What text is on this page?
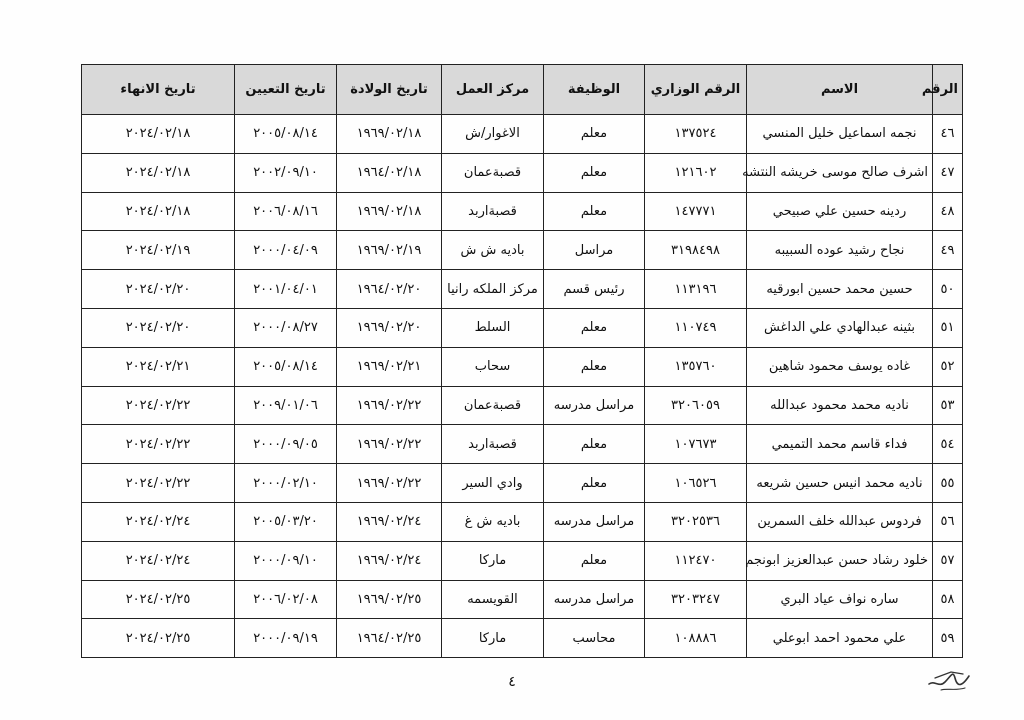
الرقم	الاسم	الرقم الوزاري	الوظيفة	مركز العمل	تاريخ الولادة	تاريخ التعيين	تاريخ الانهاء
٤٦	نجمه اسماعيل خليل المنسي	١٣٧٥٢٤	معلم	الاغوار/ش	١٩٦٩/٠٢/١٨	٢٠٠٥/٠٨/١٤	٢٠٢٤/٠٢/١٨
٤٧	اشرف صالح موسى خريشه النتشه	١٢١٦٠٢	معلم	قصبةعمان	١٩٦٤/٠٢/١٨	٢٠٠٢/٠٩/١٠	٢٠٢٤/٠٢/١٨
٤٨	ردينه حسين علي صبيحي	١٤٧٧٧١	معلم	قصبةاربد	١٩٦٩/٠٢/١٨	٢٠٠٦/٠٨/١٦	٢٠٢٤/٠٢/١٨
٤٩	نجاح رشيد عوده السبيبه	٣١٩٨٤٩٨	مراسل	باديه ش ش	١٩٦٩/٠٢/١٩	٢٠٠٠/٠٤/٠٩	٢٠٢٤/٠٢/١٩
٥٠	حسين محمد حسين ابورقيه	١١٣١٩٦	رئيس قسم	مركز الملكه رانيا	١٩٦٤/٠٢/٢٠	٢٠٠١/٠٤/٠١	٢٠٢٤/٠٢/٢٠
٥١	بثينه عبدالهادي علي الداغش	١١٠٧٤٩	معلم	السلط	١٩٦٩/٠٢/٢٠	٢٠٠٠/٠٨/٢٧	٢٠٢٤/٠٢/٢٠
٥٢	غاده يوسف محمود شاهين	١٣٥٧٦٠	معلم	سحاب	١٩٦٩/٠٢/٢١	٢٠٠٥/٠٨/١٤	٢٠٢٤/٠٢/٢١
٥٣	ناديه محمد محمود عبدالله	٣٢٠٦٠٥٩	مراسل مدرسه	قصبةعمان	١٩٦٩/٠٢/٢٢	٢٠٠٩/٠١/٠٦	٢٠٢٤/٠٢/٢٢
٥٤	فداء قاسم محمد التميمي	١٠٧٦٧٣	معلم	قصبةاربد	١٩٦٩/٠٢/٢٢	٢٠٠٠/٠٩/٠٥	٢٠٢٤/٠٢/٢٢
٥٥	ناديه محمد انيس حسين شريعه	١٠٦٥٢٦	معلم	وادي السير	١٩٦٩/٠٢/٢٢	٢٠٠٠/٠٢/١٠	٢٠٢٤/٠٢/٢٢
٥٦	فردوس عبدالله خلف السمرين	٣٢٠٢٥٣٦	مراسل مدرسه	باديه ش غ	١٩٦٩/٠٢/٢٤	٢٠٠٥/٠٣/٢٠	٢٠٢٤/٠٢/٢٤
٥٧	خلود رشاد حسن عبدالعزيز ابونجم	١١٢٤٧٠	معلم	ماركا	١٩٦٩/٠٢/٢٤	٢٠٠٠/٠٩/١٠	٢٠٢٤/٠٢/٢٤
٥٨	ساره نواف عياد البري	٣٢٠٣٢٤٧	مراسل مدرسه	القويسمه	١٩٦٩/٠٢/٢٥	٢٠٠٦/٠٢/٠٨	٢٠٢٤/٠٢/٢٥
٥٩	علي محمود احمد ابوعلي	١٠٨٨٨٦	محاسب	ماركا	١٩٦٤/٠٢/٢٥	٢٠٠٠/٠٩/١٩	٢٠٢٤/٠٢/٢٥
٤
